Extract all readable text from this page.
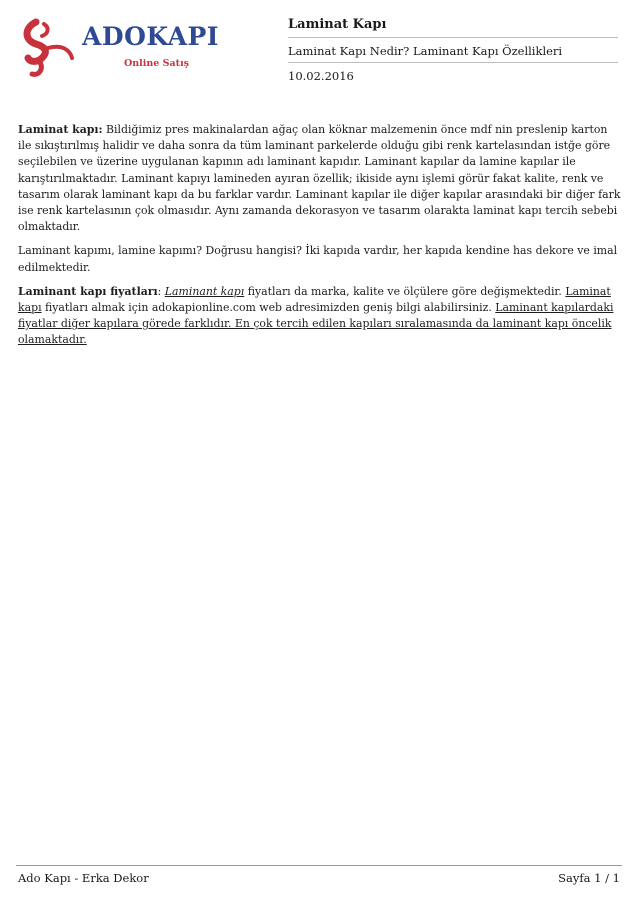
ADOKAPI
Online Satış
Laminat Kapı
Laminat Kapı Nedir? Laminant Kapı Özellikleri
10.02.2016

Laminat kapı: Bildiğimiz pres makinalardan ağaç olan köknar malzemenin önce mdf nin preslenip karton ile sıkıştırılmış halidir ve daha sonra da tüm laminant parkelerde olduğu gibi renk kartelasından istğe göre seçilebilen ve üzerine uygulanan kapının adı laminant kapıdır. Laminant kapılar da lamine kapılar ile karıştırılmaktadır. Laminant kapıyı lamineden ayıran özellik; ikiside aynı işlemi görür fakat kalite, renk ve tasarım olarak laminant kapı da bu farklar vardır. Laminant kapılar ile diğer kapılar arasındaki bir diğer fark ise renk kartelasının çok olmasıdır. Aynı zamanda dekorasyon ve tasarım olaraktа laminat kapı tercih sebebi olmaktadır.

Laminant kapımı, lamine kapımı? Doğrusu hangisi? İki kapıda vardır, her kapıda kendine has dekore ve imal edilmektedir.

Laminant kapı fiyatları: Laminant kapı fiyatları da marka, kalite ve ölçülere göre değişmektedir. Laminat kapı fiyatları almak için adokapionline.com web adresimizden geniş bilgi alabilirsiniz. Laminant kapılardaki fiyatlar diğer kapılara görede farklıdır. En çok tercih edilen kapıları sıralamasında da laminant kapı öncelik olamaktadır.

Ado Kapı - Erka Dekor	Sayfa 1 / 1
